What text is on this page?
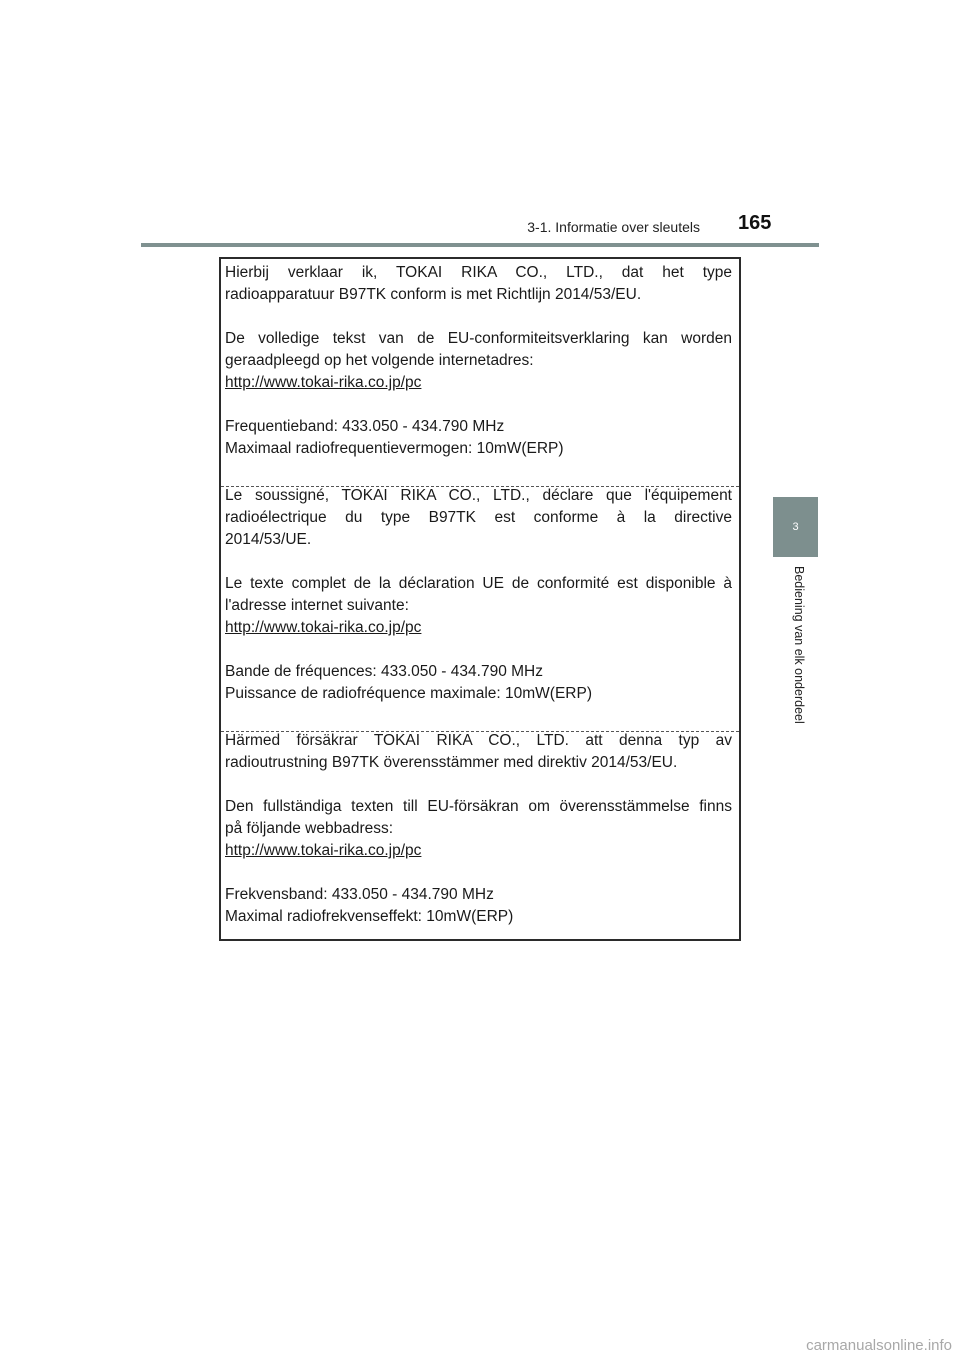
3-1. Informatie over sleutels 165
3
Bediening van elk onderdeel

Hierbij verklaar ik, TOKAI RIKA CO., LTD., dat het type

radioapparatuur B97TK conform is met Richtlijn 2014/53/EU.

De volledige tekst van de EU-conformiteitsverklaring kan worden

geraadpleegd op het volgende internetadres:

http://www.tokai-rika.co.jp/pc

Frequentieband: 433.050 - 434.790 MHz

Maximaal radiofrequentievermogen: 10mW(ERP)

Le soussigné, TOKAI RIKA CO., LTD., déclare que l'équipement

radioélectrique du type B97TK est conforme à la directive

2014/53/UE.

Le texte complet de la déclaration UE de conformité est disponible à

l'adresse internet suivante:

http://www.tokai-rika.co.jp/pc

Bande de fréquences: 433.050 - 434.790 MHz

Puissance de radiofréquence maximale: 10mW(ERP)

Härmed försäkrar TOKAI RIKA CO., LTD. att denna typ av

radioutrustning B97TK överensstämmer med direktiv 2014/53/EU.

Den fullständiga texten till EU-försäkran om överensstämmelse finns

på följande webbadress:

http://www.tokai-rika.co.jp/pc

Frekvensband: 433.050 - 434.790 MHz

Maximal radiofrekvenseffekt: 10mW(ERP)

carmanualsonline.info
